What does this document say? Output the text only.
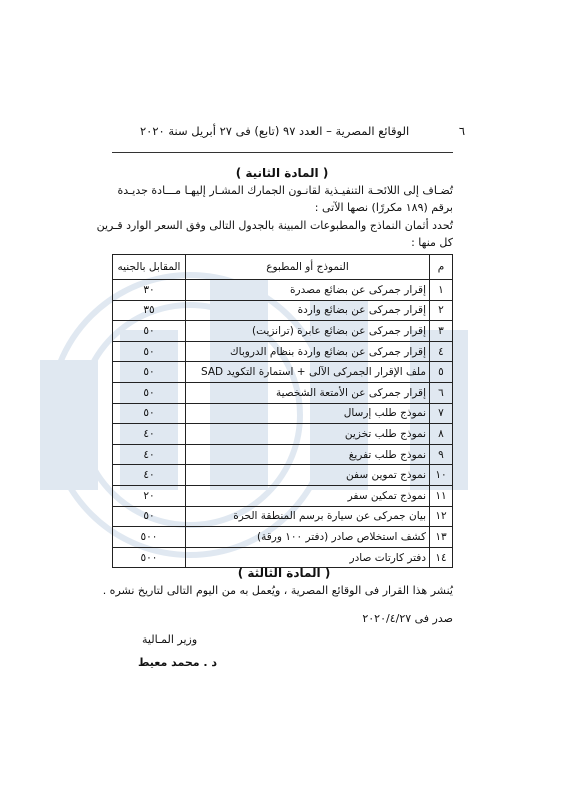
٦
الوقائع المصرية – العدد ٩٧ (تابع) فى ٢٧ أبريل سنة ٢٠٢٠
( المادة الثانية )
تُضـاف إلى اللائحـة التنفيـذية لقانـون الجمارك المشـار إليهـا مـــادة جديـدة
برقم (١٨٩ مكررًا) نصها الآتى :
تُحدد أثمان النماذج والمطبوعات المبينة بالجدول التالى وفق السعر الوارد قـرين
كل منها :
م	النموذج أو المطبوع	المقابل بالجنيه
١	إقرار جمركى عن بضائع مصدرة	٣٠
٢	إقرار جمركى عن بضائع واردة	٣٥
٣	إقرار جمركى عن بضائع عابرة (ترانزيت)	٥٠
٤	إقرار جمركى عن بضائع واردة بنظام الدروباك	٥٠
٥	ملف الإقرار الجمركى الآلى + استمارة التكويد SAD	٥٠
٦	إقرار جمركى عن الأمتعة الشخصية	٥٠
٧	نموذج طلب إرسال	٥٠
٨	نموذج طلب تخزين	٤٠
٩	نموذج طلب تفريغ	٤٠
١٠	نموذج تموين سفن	٤٠
١١	نموذج تمكين سفر	٢٠
١٢	بيان جمركى عن سيارة برسم المنطقة الحرة	٥٠
١٣	كشف استخلاص صادر (دفتر ١٠٠ ورقة)	٥٠٠
١٤	دفتر كارتات صادر	٥٠٠
( المادة الثالثة )
يُنشر هذا القرار فى الوقائع المصرية ، ويُعمل به من اليوم التالى لتاريخ نشره .
صدر فى ٢٠٢٠/٤/٢٧
وزير المـالية
د . محمد معيط
